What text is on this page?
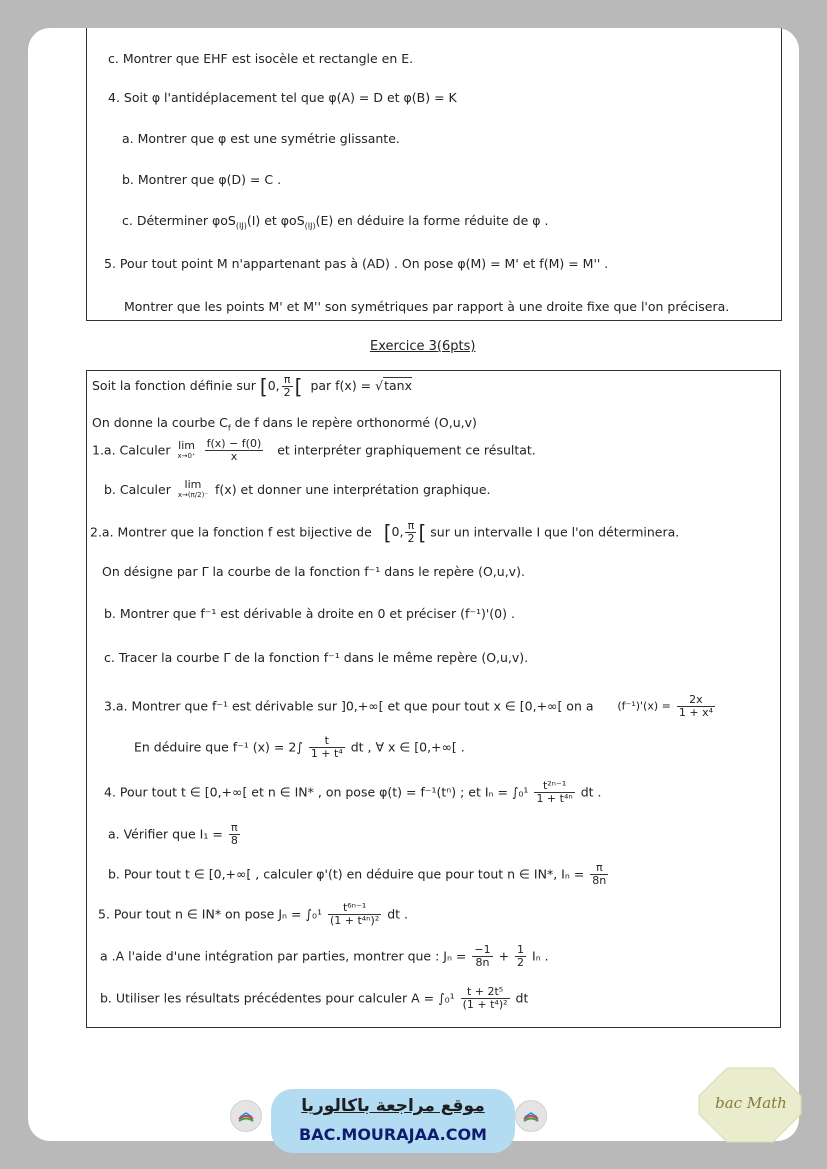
c. Montrer que EHF est isocèle et rectangle en E.
4. Soit φ l'antidéplacement tel que φ(A) = D et φ(B) = K
a. Montrer que φ est une symétrie glissante.
b. Montrer que φ(D) = C .
c. Déterminer φoS$_{(IJ)}$(I) et φoS$_{(IJ)}$(E) en déduire la forme réduite de φ .
5. Pour tout point M n'appartenant pas à (AD) . On pose φ(M) = M' et f(M) = M'' .
Montrer que les points M' et M'' son symétriques par rapport à une droite fixe que l'on précisera.
Exercice 3(6pts)
Soit la fonction définie sur [0, $\frac{\pi}{2}$ [ par f(x) = √tanx
On donne la courbe $C_f$ de f dans le repère orthonormé (O,u,v)
1.a. Calculer lim
x→0⁺
$\frac{f(x) - f(0)}{x}$ et interpréter graphiquement ce résultat.
b. Calculer	lim
x→(π/2)⁻ f(x) et donner une interprétation graphique.
2.a. Montrer que la fonction f est bijective de [0, $\frac{\pi}{2}$ [ sur un intervalle I que l'on déterminera.
On désigne par Γ la courbe de la fonction f⁻¹ dans le repère (O,u,v).
b. Montrer que f⁻¹ est dérivable à droite en 0 et préciser (f⁻¹)'(0) .
c. Tracer la courbe Γ de la fonction f⁻¹ dans le même repère (O,u,v).
3.a. Montrer que f⁻¹ est dérivable sur ]0,+∞[ et que pour tout x ∈ [0,+∞[ on a $(f^{-1})'(x) = \frac{2x}{\text{1 + x⁴}}$
En déduire que f⁻¹ $(x) = 2\int \frac{t}{\text{1 + t⁴}}$ dt , ∀ x ∈ [0,+∞[ .
4. Pour tout t ∈ [0,+∞[ et n ∈ IN* , on pose φ(t) = f⁻¹(tⁿ) ; et $I_n = \int_0^1 \frac{\text{t²ⁿ⁻¹}}{\text{1 + t⁴ⁿ}}$ dt .
a. Vérifier que $I_1 = \frac{\pi}{8}$
b. Pour tout t ∈ [0,+∞[ , calculer φ'(t) en déduire que pour tout n ∈ IN*, $I_n = \frac{\pi}{8n}$
5. Pour tout n ∈ IN* on pose $J_n = \int_0^1 \frac{\text{t⁶ⁿ⁻¹}}{\text{(1 + t⁴ⁿ)²}}$ dt .
a .A l'aide d'une intégration par parties, montrer que : $J_n = \frac{-1}{8n} + \frac{1}{2}$ Iₙ .
b. Utiliser les résultats précédentes pour calculer $A = \int_0^1 \frac{\text{t + 2t⁵}}{\text{(1 + t⁴)²}}$ dt
موقع مراجعة باكالوريا
BAC.MOURAJAA.COM
bac Math
